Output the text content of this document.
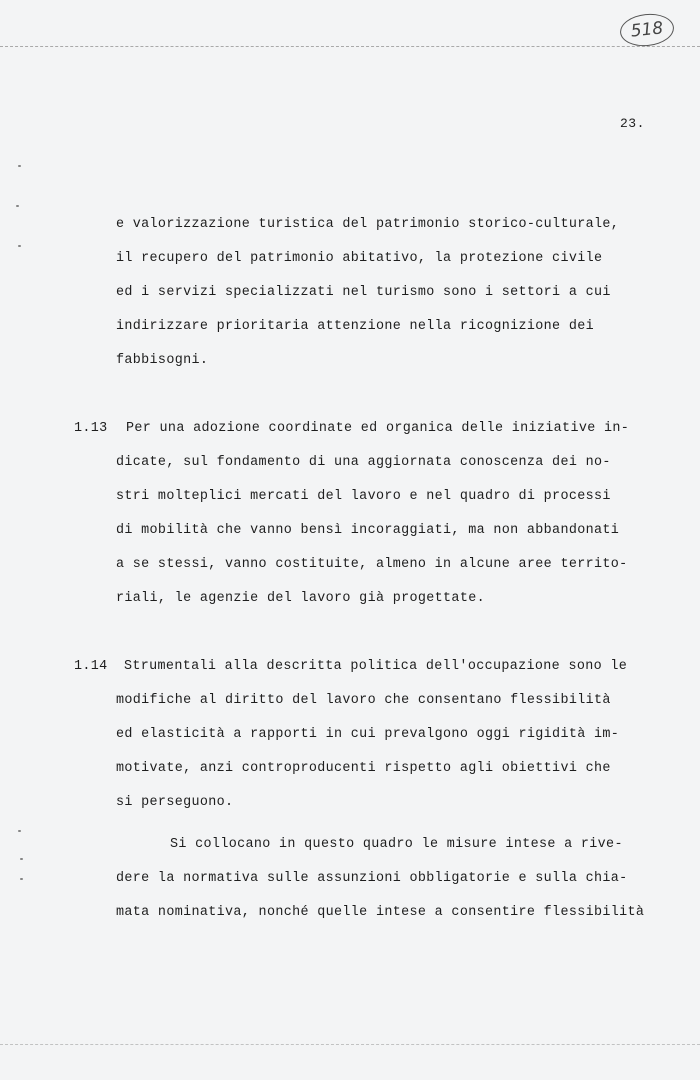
518
23.
e valorizzazione turistica del patrimonio storico-culturale,
il recupero del patrimonio abitativo, la protezione civile
ed i servizi specializzati nel turismo sono i settori a cui
indirizzare prioritaria attenzione nella ricognizione dei
fabbisogni.
1.13 Per una adozione coordinate ed organica delle iniziative in-
dicate, sul fondamento di una aggiornata conoscenza dei no-
stri molteplici mercati del lavoro e nel quadro di processi
di mobilità che vanno bensì incoraggiati, ma non abbandonati
a se stessi, vanno costituite, almeno in alcune aree territo-
riali, le agenzie del lavoro già progettate.
1.14 Strumentali alla descritta politica dell'occupazione sono le
modifiche al diritto del lavoro che consentano flessibilità
ed elasticità a rapporti in cui prevalgono oggi rigidità im-
motivate, anzi controproducenti rispetto agli obiettivi che
si perseguono.
Si collocano in questo quadro le misure intese a rive-
dere la normativa sulle assunzioni obbligatorie e sulla chia-
mata nominativa, nonché quelle intese a consentire flessibilità
